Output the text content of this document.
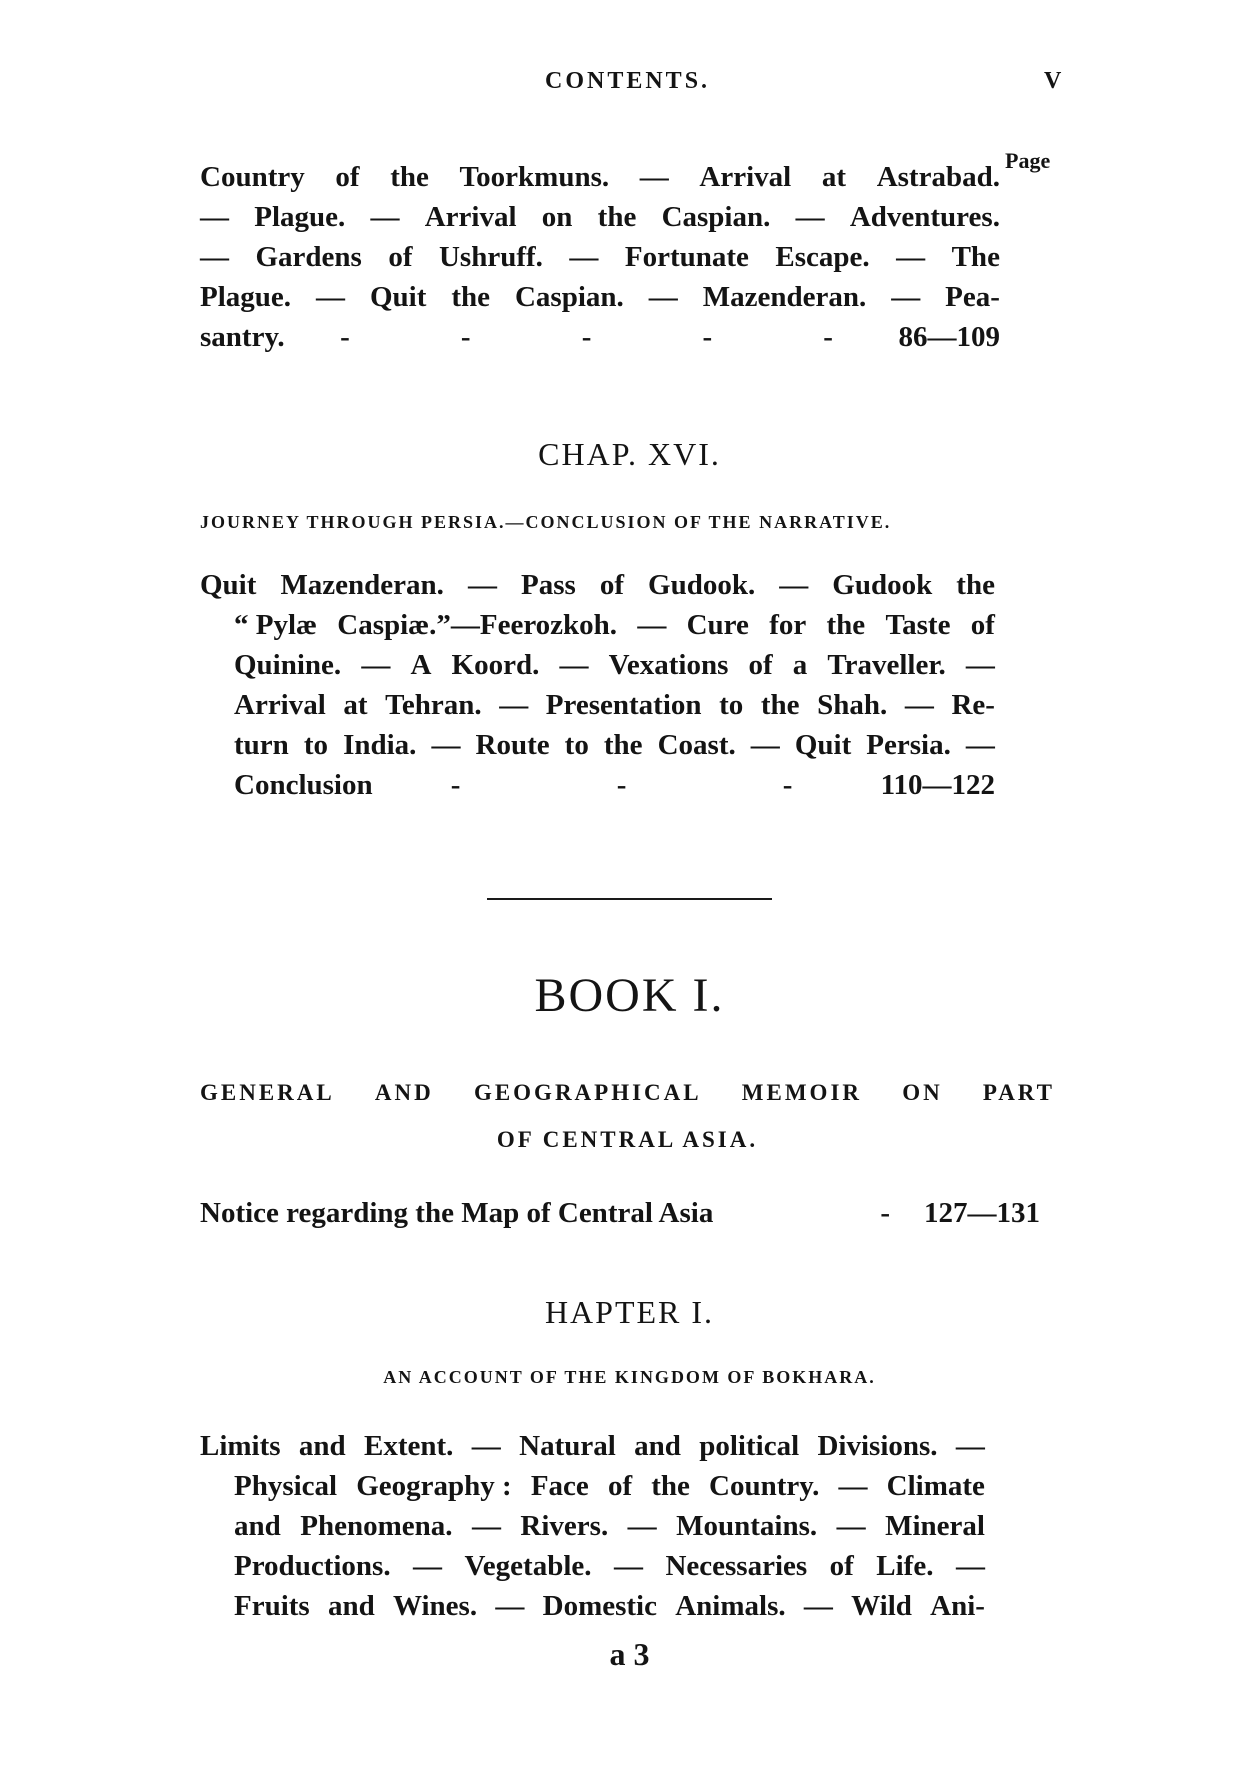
CONTENTS.	V
Page
Country of the Toorkmuns. — Arrival at Astrabad.
— Plague. — Arrival on the Caspian. — Adventures.
— Gardens of Ushruff. — Fortunate Escape. — The
Plague. — Quit the Caspian. — Mazenderan. — Pea-
santry. -	-	-	-	- 86—109
CHAP. XVI.
JOURNEY THROUGH PERSIA.—CONCLUSION OF THE NARRATIVE.
Quit Mazenderan. — Pass of Gudook. — Gudook the
“ Pylæ Caspiæ.”—Feerozkoh. — Cure for the Taste of
Quinine. — A Koord. — Vexations of a Traveller. —
Arrival at Tehran. — Presentation to the Shah. — Re-
turn to India. — Route to the Coast. — Quit Persia. —
Conclusion	-	-	-	110—122
BOOK I.
GENERAL AND GEOGRAPHICAL MEMOIR ON PART
OF CENTRAL ASIA.
Notice regarding the Map of Central Asia	-	127—131
HAPTER I.
AN ACCOUNT OF THE KINGDOM OF BOKHARA.
Limits and Extent. — Natural and political Divisions. —
Physical Geography : Face of the Country. — Climate
and Phenomena. — Rivers. — Mountains. — Mineral
Productions. — Vegetable. — Necessaries of Life. —
Fruits and Wines. — Domestic Animals. — Wild Ani-
a 3
